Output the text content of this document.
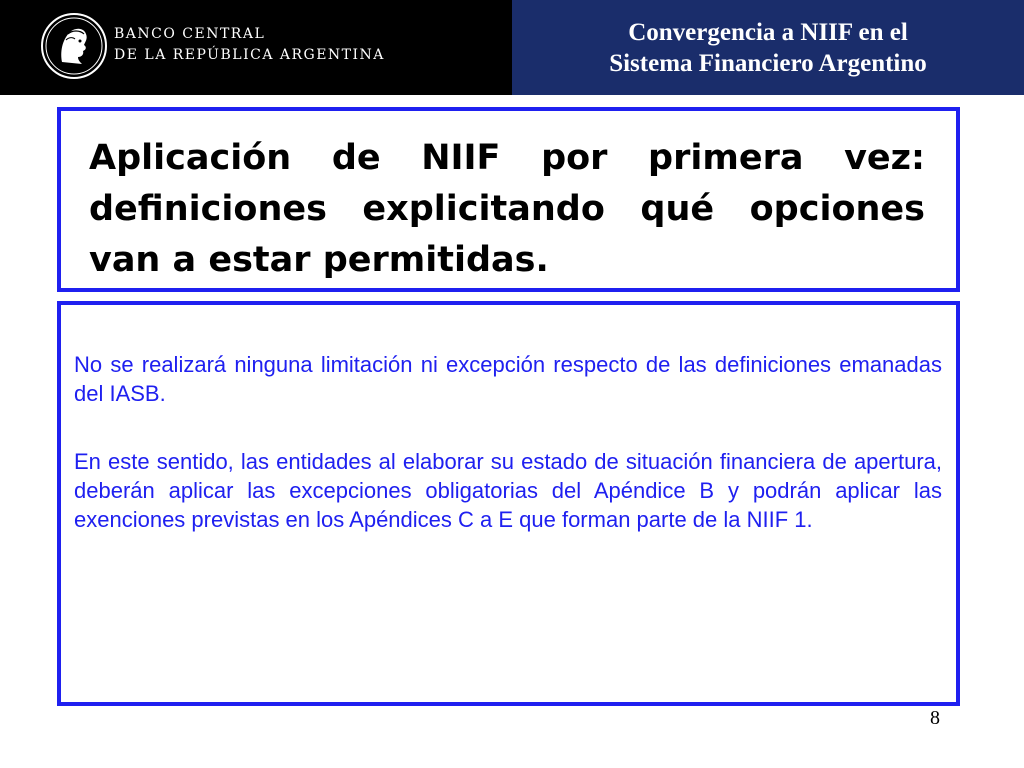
BANCO CENTRAL
DE LA REPÚBLICA ARGENTINA
Convergencia a NIIF en el
Sistema Financiero Argentino
Aplicación de NIIF por primera vez: definiciones explicitando qué opciones van a estar permitidas.
No se realizará ninguna limitación ni excepción respecto de las definiciones emanadas del IASB.
En este sentido, las entidades al elaborar su estado de situación financiera de apertura, deberán aplicar las excepciones obligatorias del Apéndice B y podrán aplicar las exenciones previstas en los Apéndices C a E que forman parte de la NIIF 1.
8
